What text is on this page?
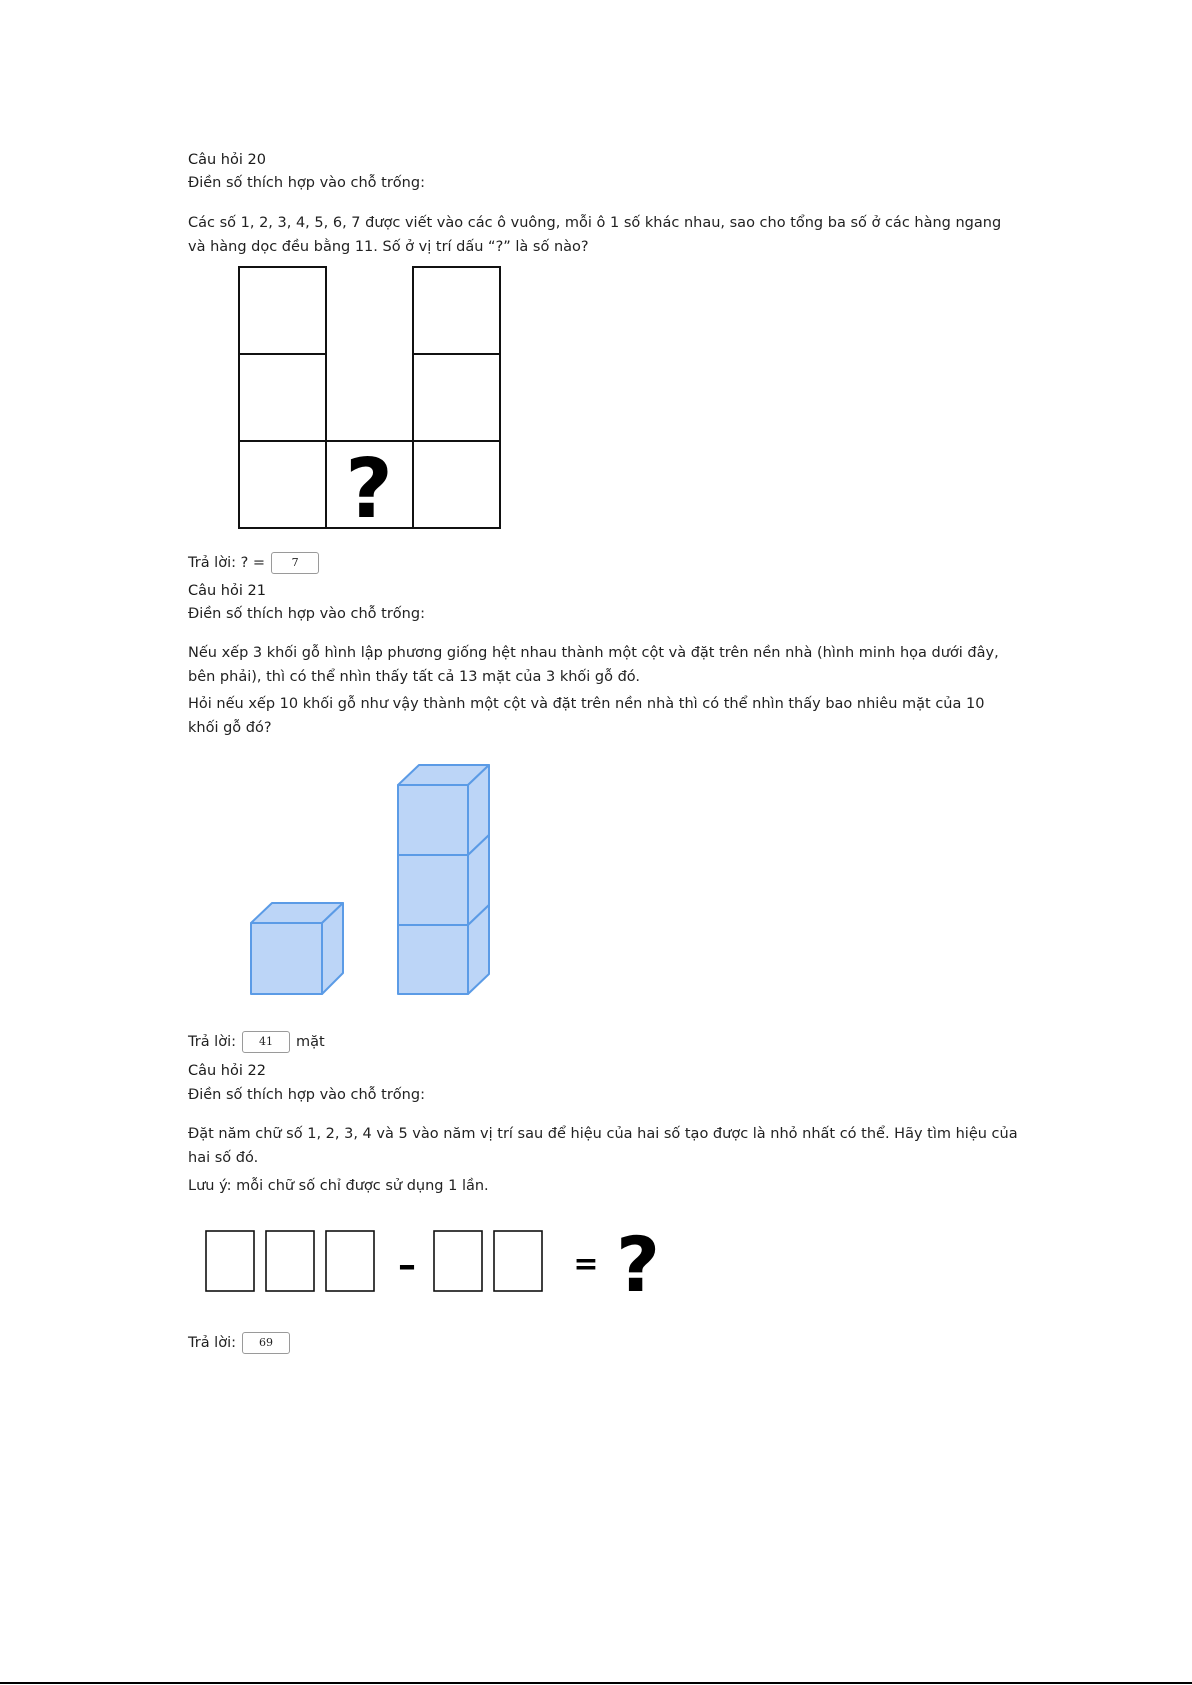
Câu hỏi 20
Điền số thích hợp vào chỗ trống:
Các số 1, 2, 3, 4, 5, 6, 7 được viết vào các ô vuông, mỗi ô 1 số khác nhau, sao cho tổng ba số ở các hàng ngang và hàng dọc đều bằng 11. Số ở vị trí dấu “?” là số nào?
?
Trả lời: ? =	7
Câu hỏi 21
Điền số thích hợp vào chỗ trống:
Nếu xếp 3 khối gỗ hình lập phương giống hệt nhau thành một cột và đặt trên nền nhà (hình minh họa dưới đây, bên phải), thì có thể nhìn thấy tất cả 13 mặt của 3 khối gỗ đó.
Hỏi nếu xếp 10 khối gỗ như vậy thành một cột và đặt trên nền nhà thì có thể nhìn thấy bao nhiêu mặt của 10 khối gỗ đó?
Trả lời:	41	mặt
Câu hỏi 22
Điền số thích hợp vào chỗ trống:
Đặt năm chữ số 1, 2, 3, 4 và 5 vào năm vị trí sau để hiệu của hai số tạo được là nhỏ nhất có thể. Hãy tìm hiệu của hai số đó.
Lưu ý: mỗi chữ số chỉ được sử dụng 1 lần.
–	= ?
Trả lời:	69
